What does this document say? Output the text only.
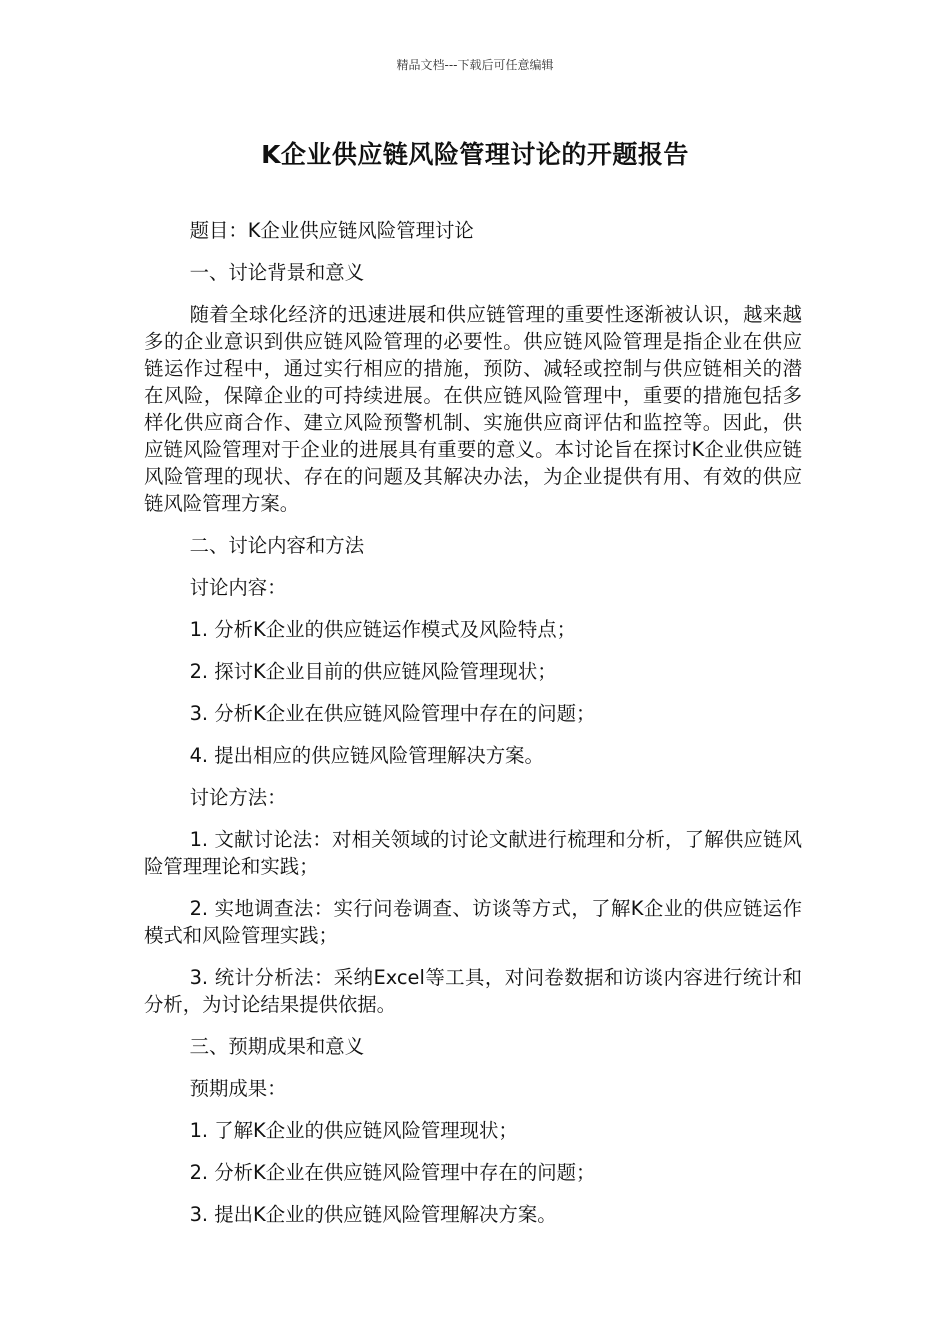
精品文档---下载后可任意编辑
K企业供应链风险管理讨论的开题报告

题目：K企业供应链风险管理讨论

一、讨论背景和意义

随着全球化经济的迅速进展和供应链管理的重要性逐渐被认识，越来越多的企业意识到供应链风险管理的必要性。供应链风险管理是指企业在供应链运作过程中，通过实行相应的措施，预防、减轻或控制与供应链相关的潜在风险，保障企业的可持续进展。在供应链风险管理中，重要的措施包括多样化供应商合作、建立风险预警机制、实施供应商评估和监控等。因此，供应链风险管理对于企业的进展具有重要的意义。本讨论旨在探讨K企业供应链风险管理的现状、存在的问题及其解决办法，为企业提供有用、有效的供应链风险管理方案。

二、讨论内容和方法

讨论内容：

1. 分析K企业的供应链运作模式及风险特点；

2. 探讨K企业目前的供应链风险管理现状；

3. 分析K企业在供应链风险管理中存在的问题；

4. 提出相应的供应链风险管理解决方案。

讨论方法：

1. 文献讨论法：对相关领域的讨论文献进行梳理和分析，了解供应链风险管理理论和实践；

2. 实地调查法：实行问卷调查、访谈等方式，了解K企业的供应链运作模式和风险管理实践；

3. 统计分析法：采纳Excel等工具，对问卷数据和访谈内容进行统计和分析，为讨论结果提供依据。

三、预期成果和意义

预期成果：

1. 了解K企业的供应链风险管理现状；

2. 分析K企业在供应链风险管理中存在的问题；

3. 提出K企业的供应链风险管理解决方案。
